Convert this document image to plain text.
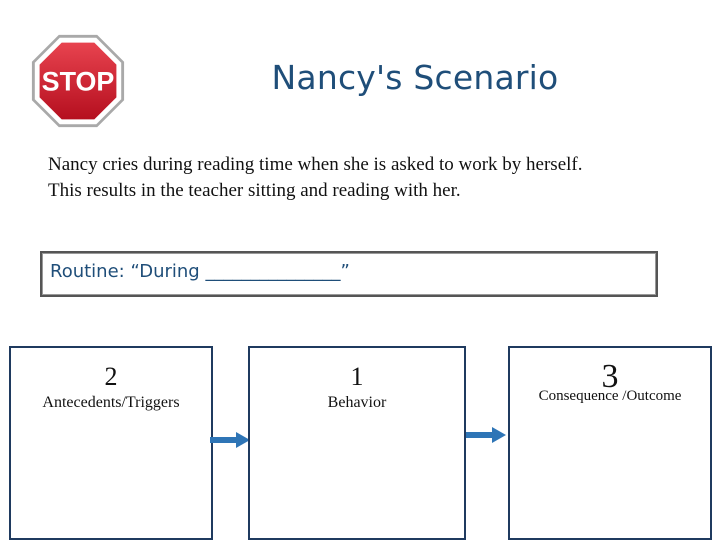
STOP	Nancy's Scenario
Nancy cries during reading time when she is asked to work by herself.
This results in the teacher sitting and reading with her.
Routine: “During _______________”
2
Antecedents/Triggers
1
Behavior
3
Consequence /Outcome
